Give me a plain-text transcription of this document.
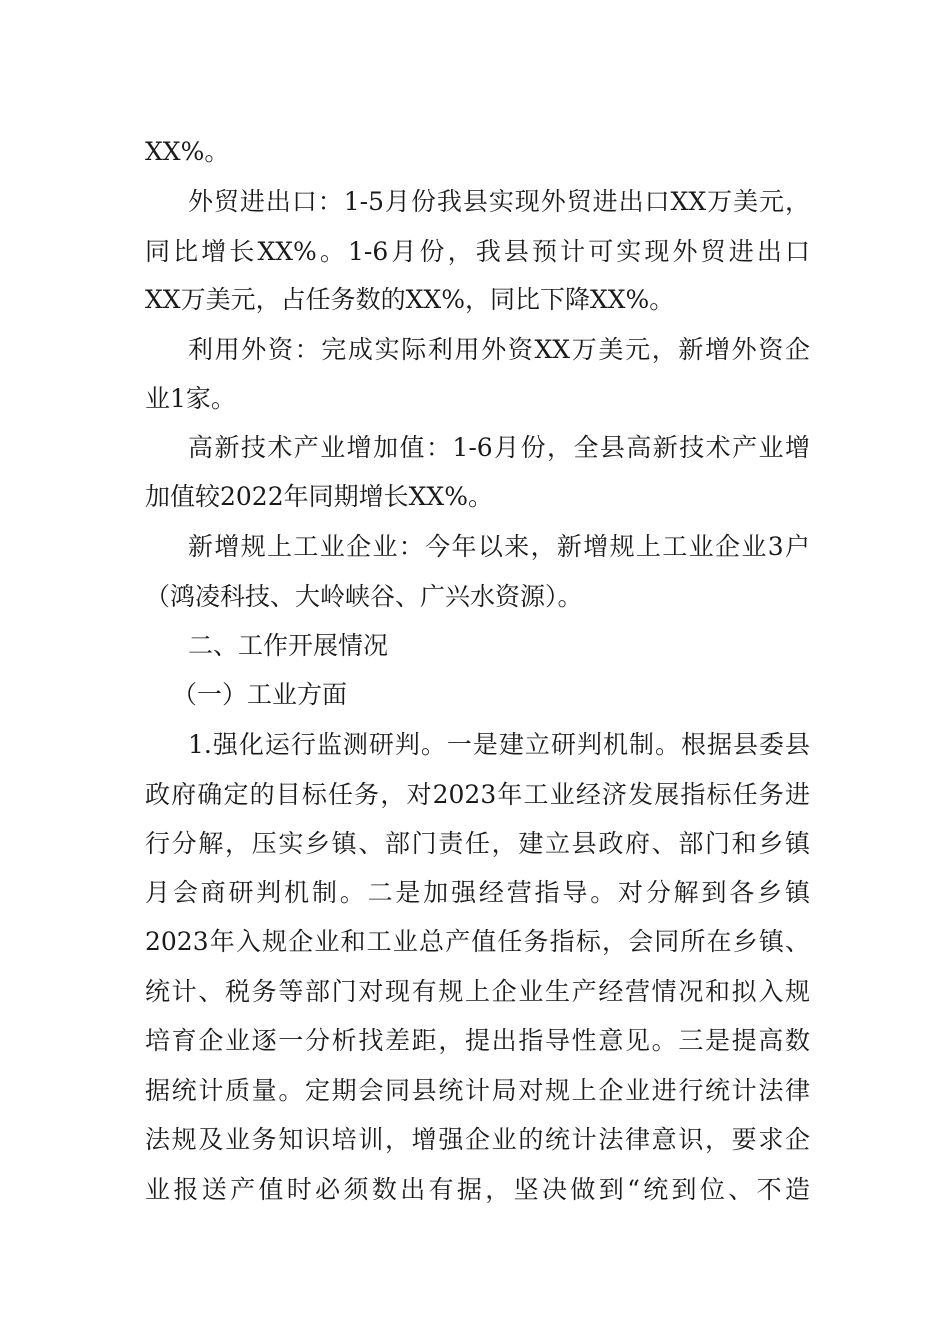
XX%。
外贸进出口：1-5月份我县实现外贸进出口XX万美元，
同比增长XX%。1-6月份，我县预计可实现外贸进出口
XX万美元，占任务数的XX%，同比下降XX%。
利用外资：完成实际利用外资XX万美元，新增外资企
业1家。
高新技术产业增加值：1-6月份，全县高新技术产业增
加值较2022年同期增长XX%。
新增规上工业企业：今年以来，新增规上工业企业3户
（鸿凌科技、大岭峡谷、广兴水资源）。
二、工作开展情况
（一）工业方面
1.强化运行监测研判。一是建立研判机制。根据县委县
政府确定的目标任务，对2023年工业经济发展指标任务进
行分解，压实乡镇、部门责任，建立县政府、部门和乡镇
月会商研判机制。二是加强经营指导。对分解到各乡镇
2023年入规企业和工业总产值任务指标，会同所在乡镇、
统计、税务等部门对现有规上企业生产经营情况和拟入规
培育企业逐一分析找差距，提出指导性意见。三是提高数
据统计质量。定期会同县统计局对规上企业进行统计法律
法规及业务知识培训，增强企业的统计法律意识，要求企
业报送产值时必须数出有据，坚决做到“统到位、不造
